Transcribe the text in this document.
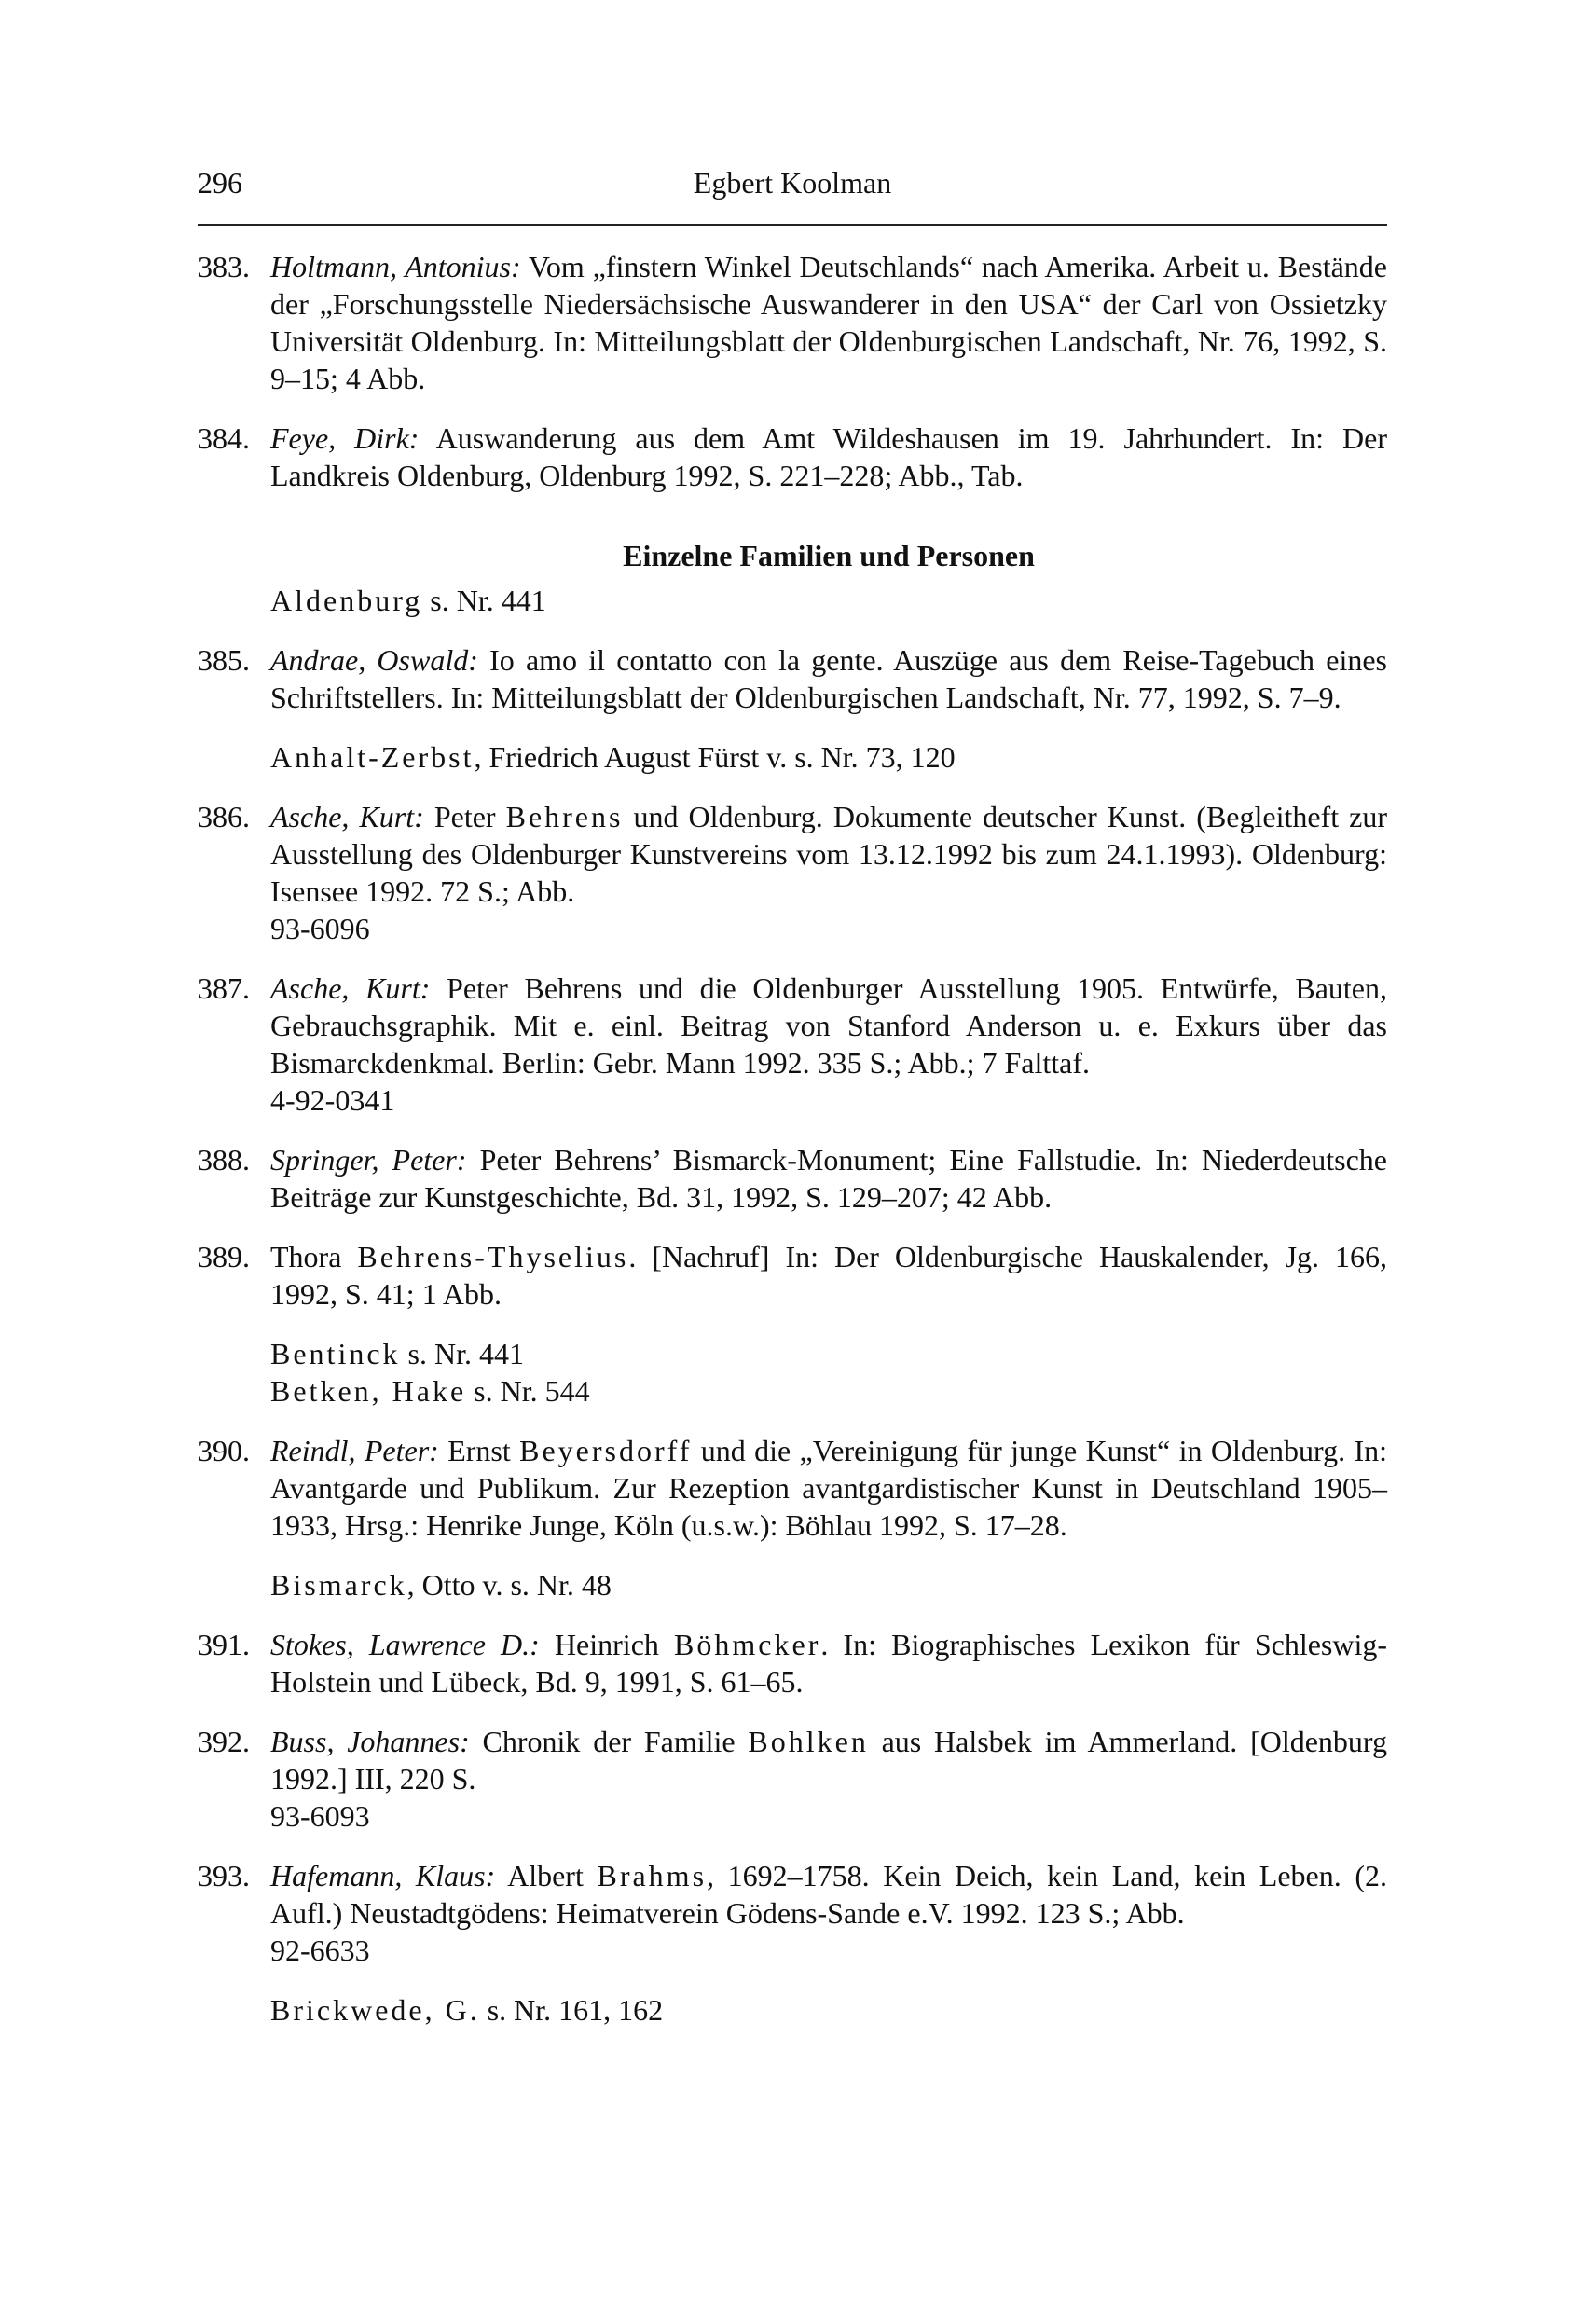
296	Egbert Koolman
383. Holtmann, Antonius: Vom „finstern Winkel Deutschlands“ nach Amerika. Arbeit u. Bestände der „Forschungsstelle Niedersächsische Auswanderer in den USA“ der Carl von Ossietzky Universität Oldenburg. In: Mitteilungsblatt der Oldenburgischen Landschaft, Nr. 76, 1992, S. 9–15; 4 Abb.
384. Feye, Dirk: Auswanderung aus dem Amt Wildeshausen im 19. Jahrhundert. In: Der Landkreis Oldenburg, Oldenburg 1992, S. 221–228; Abb., Tab.
Einzelne Familien und Personen
Aldenburg s. Nr. 441
385. Andrae, Oswald: Io amo il contatto con la gente. Auszüge aus dem Reise-Tagebuch eines Schriftstellers. In: Mitteilungsblatt der Oldenburgischen Landschaft, Nr. 77, 1992, S. 7–9.
Anhalt-Zerbst, Friedrich August Fürst v. s. Nr. 73, 120
386. Asche, Kurt: Peter Behrens und Oldenburg. Dokumente deutscher Kunst. (Begleitheft zur Ausstellung des Oldenburger Kunstvereins vom 13.12.1992 bis zum 24.1.1993). Oldenburg: Isensee 1992. 72 S.; Abb.
93-6096
387. Asche, Kurt: Peter Behrens und die Oldenburger Ausstellung 1905. Entwürfe, Bauten, Gebrauchsgraphik. Mit e. einl. Beitrag von Stanford Anderson u. e. Exkurs über das Bismarckdenkmal. Berlin: Gebr. Mann 1992. 335 S.; Abb.; 7 Falttaf.
4-92-0341
388. Springer, Peter: Peter Behrens’ Bismarck-Monument; Eine Fallstudie. In: Niederdeutsche Beiträge zur Kunstgeschichte, Bd. 31, 1992, S. 129–207; 42 Abb.
389. Thora Behrens-Thyselius. [Nachruf] In: Der Oldenburgische Hauskalender, Jg. 166, 1992, S. 41; 1 Abb.
Bentinck s. Nr. 441
Betken, Hake s. Nr. 544
390. Reindl, Peter: Ernst Beyersdorff und die „Vereinigung für junge Kunst“ in Oldenburg. In: Avantgarde und Publikum. Zur Rezeption avantgardistischer Kunst in Deutschland 1905–1933, Hrsg.: Henrike Junge, Köln (u.s.w.): Böhlau 1992, S. 17–28.
Bismarck, Otto v. s. Nr. 48
391. Stokes, Lawrence D.: Heinrich Böhmcker. In: Biographisches Lexikon für Schleswig-Holstein und Lübeck, Bd. 9, 1991, S. 61–65.
392. Buss, Johannes: Chronik der Familie Bohlken aus Halsbek im Ammerland. [Oldenburg 1992.] III, 220 S.
93-6093
393. Hafemann, Klaus: Albert Brahms, 1692–1758. Kein Deich, kein Land, kein Leben. (2. Aufl.) Neustadtgödens: Heimatverein Gödens-Sande e.V. 1992. 123 S.; Abb.
92-6633
Brickwede, G. s. Nr. 161, 162
